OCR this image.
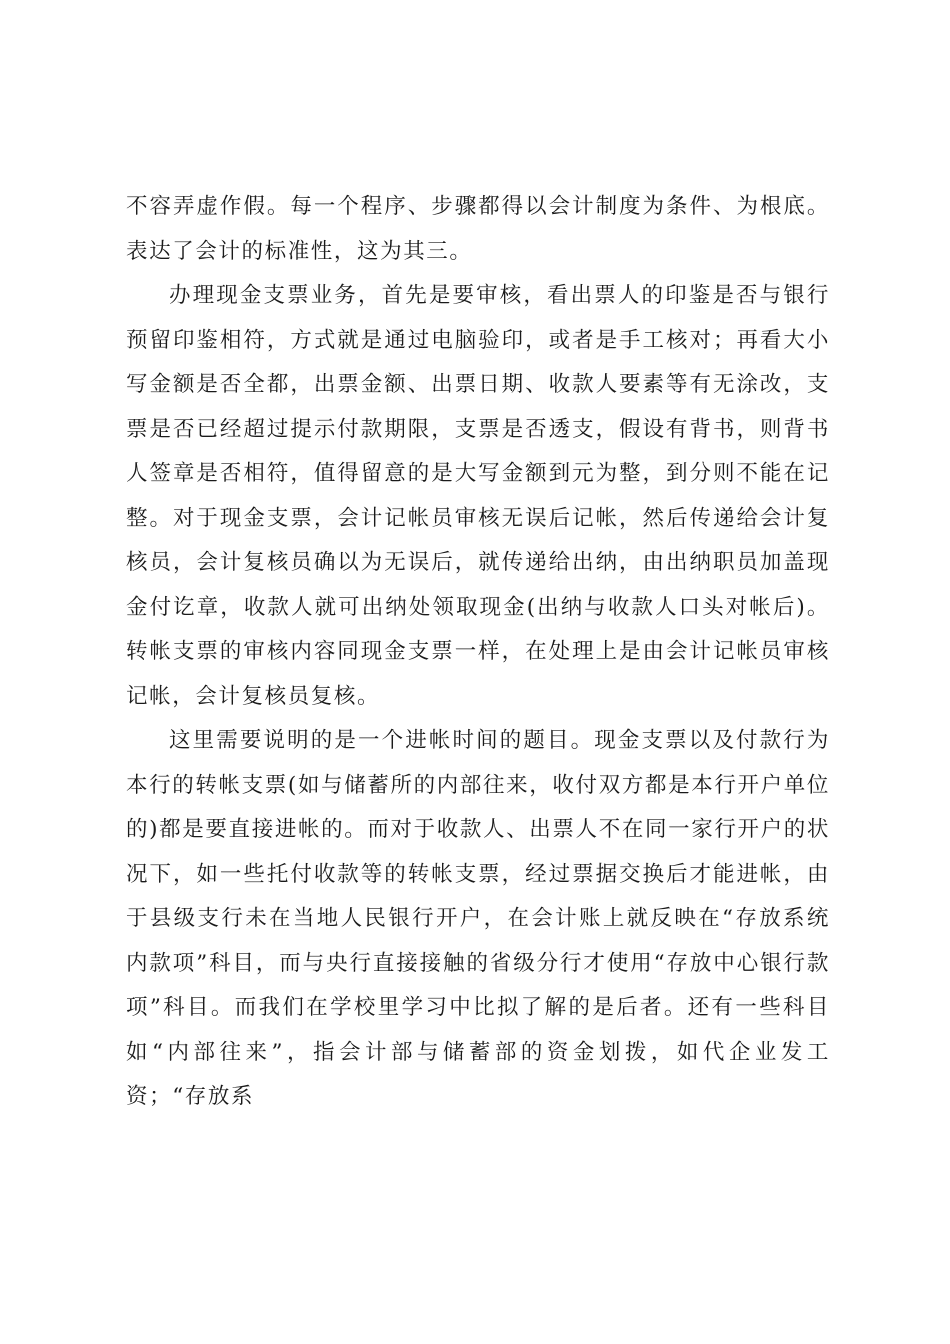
不容弄虚作假。每一个程序、步骤都得以会计制度为条件、为根底。表达了会计的标准性，这为其三。

办理现金支票业务，首先是要审核，看出票人的印鉴是否与银行预留印鉴相符，方式就是通过电脑验印，或者是手工核对；再看大小写金额是否全都，出票金额、出票日期、收款人要素等有无涂改，支票是否已经超过提示付款期限，支票是否透支，假设有背书，则背书人签章是否相符，值得留意的是大写金额到元为整，到分则不能在记整。对于现金支票，会计记帐员审核无误后记帐，然后传递给会计复核员，会计复核员确以为无误后，就传递给出纳，由出纳职员加盖现金付讫章，收款人就可出纳处领取现金(出纳与收款人口头对帐后)。转帐支票的审核内容同现金支票一样，在处理上是由会计记帐员审核记帐，会计复核员复核。

这里需要说明的是一个进帐时间的题目。现金支票以及付款行为本行的转帐支票(如与储蓄所的内部往来，收付双方都是本行开户单位的)都是要直接进帐的。而对于收款人、出票人不在同一家行开户的状况下，如一些托付收款等的转帐支票，经过票据交换后才能进帐，由于县级支行未在当地人民银行开户，在会计账上就反映在“存放系统内款项”科目，而与央行直接接触的省级分行才使用“存放中心银行款项”科目。而我们在学校里学习中比拟了解的是后者。还有一些科目如“内部往来”，指会计部与储蓄部的资金划拨，如代企业发工资；“存放系
